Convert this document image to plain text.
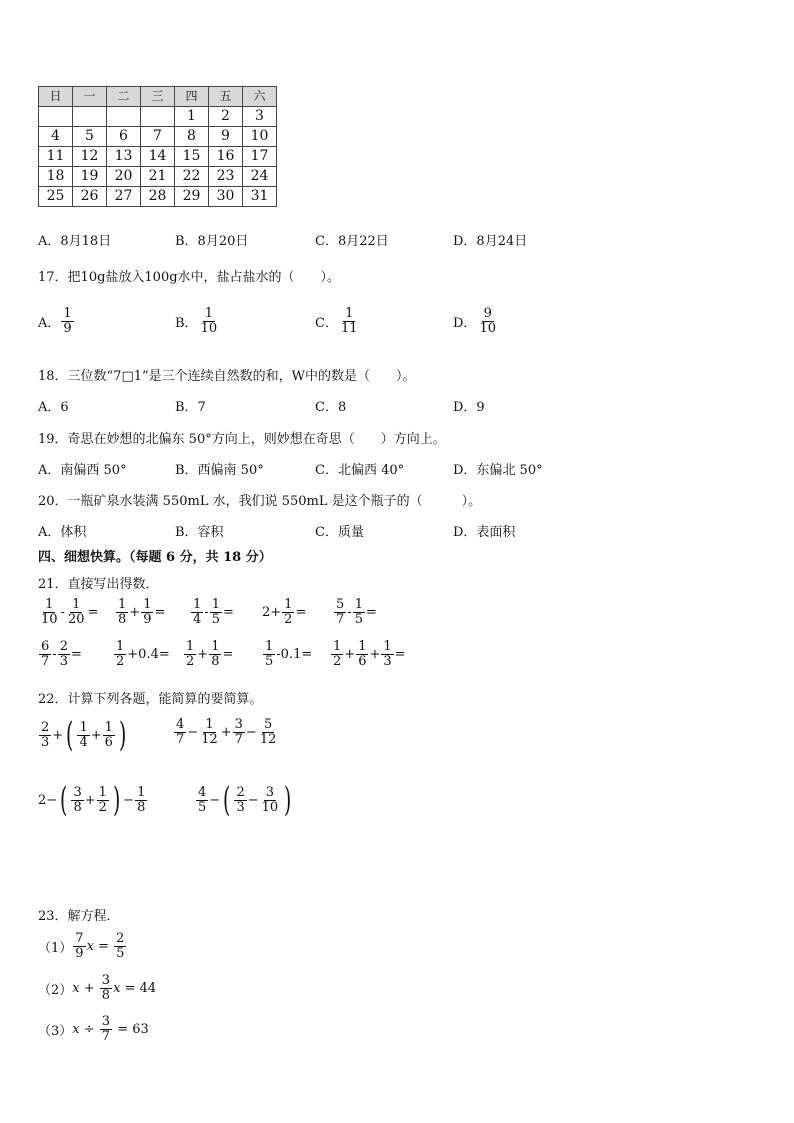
日	一	二	三	四	五	六
				1	2	3
4	5	6	7	8	9	10
11	12	13	14	15	16	17
18	19	20	21	22	23	24
25	26	27	28	29	30	31
A．8月18日	B．8月20日	C．8月22日	D．8月24日
17．把10g盐放入100g水中，盐占盐水的（　　）。
A． $\frac{1}{9}$	B． $\frac{1}{10}$	C． $\frac{1}{11}$	D． $\frac{9}{10}$
18．三位数“7□1”是三个连续自然数的和，W中的数是（　　）。
A．6	B．7	C．8	D．9
19．奇思在妙想的北偏东 50°方向上，则妙想在奇思（　　）方向上。
A．南偏西 50°	B．西偏南 50°	C．北偏西 40°	D．东偏北 50°
20．一瓶矿泉水装满 550mL 水，我们说 550mL 是这个瓶子的（　　　）。
A．体积	B．容积	C．质量	D．表面积
四、细想快算。（每题 6 分，共 18 分）
21．直接写出得数．
$\frac{1}{10} - \frac{1}{20} = \frac{1}{8} + \frac{1}{9} = \frac{1}{4} - \frac{1}{5} = 2+ \frac{1}{2} = \frac{5}{7} - \frac{1}{5}$ =
$\frac{6}{7} - \frac{2}{3} = \frac{1}{2} +0.4= \frac{1}{2} + \frac{1}{8} = \frac{1}{5} -0.1= \frac{1}{2} + \frac{1}{6} + \frac{1}{3}$ =
22．计算下列各题，能简算的要简算。
$\frac{2}{3}$ + ( $\frac{1}{4} + \frac{1}{6}$ )	$\frac{4}{7} - \frac{1}{12} + \frac{3}{7} - \frac{5}{12}$
2− ( $\frac{3}{8} + \frac{1}{2}$ ) − $\frac{1}{8}$	$\frac{4}{5}$ − ( $\frac{2}{3} - \frac{3}{10}$ )
23．解方程．
$(1) \frac{7}{9}$ $x = \frac{2}{5}$
（2） $x + \frac{3}{8}$ x = 44
（3） $x \div \frac{3}{7} = 63$
